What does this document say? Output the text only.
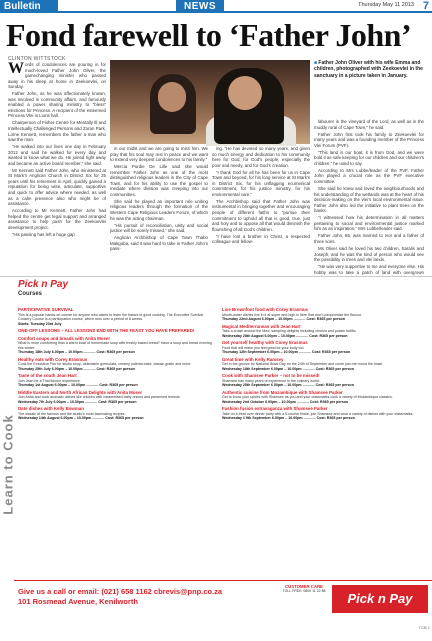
Bulletin	NEWS	Thursday May 11 2013 7
Fond farewell to ‘Father John’
CLINTON WITTSTOCK

Words of condolences are pouring in for much-loved Father John Oliver, the gamechanging minister who passed away in his sleep at home in Zeekoevlei, on Sunday.

Father John, as he was affectionately known, was involved in community affairs, and famously enabled a power sharing ministry to “bless” elections for Princess. A recipient of the esteemed Princess Vlei in Lions hall.

Chairperson of Fisher Centre for Mentally Ill and Intellectually Challenged Persons and Zoran Park, Lorne Kennett, remembers the father a man who saw the man.

“He walked into our lives one day in February 2012 and said he walked for every day and wanted to know what we do. He joined right away and became an active board member,” she said.

Mr Kennett said Father John, who ministered at St Mark’s Anglican Church in District Six for 25 years until his retirement in April, quickly gained a reputation for being wise, articulate, supportive and quick to offer advice where needed, as well as a calm presence also who might be of assistance.

According to Mr Kennett, Father John had helped the centre get legal support and arranged assistance to help push for the Zeekoevlei development project.

“His passing has left a huge gap

■ Father John Oliver with his wife Emma and children, photographed with Zeekoevlei in the sanctuary in a picture taken in January.

in our midst and we are going to miss him. We pray that his soul may rest in peace and we want to extend very deepest condolences to his family.”

Mercia Purdie De Lille said she would remember Father John as one of the most distinguished religious leaders in the City of Cape Town, and for his ability to use the gospel to mediate where division was creeping into our communities.

She said he played an important role uniting religious leaders through the formation of the Western Cape Religious Leaders Forum, of which he was the acting chairman.

“His pursuit of reconciliation, unity and social justice will be sorely missed,” she said.

Anglican Archbishop of Cape Town Thabo Makgoba, said it was hard to take in Father John’s pass-

ing. “He has devoted so many years, and given so much energy and dedication to his community here for God, for God’s people, especially the poor and needy, and for God’s creation.

“I thank God for all he has been for us in Cape Town and beyond, for his long service at St Mark’s in District Six, for his unflagging ecumenical commitment, for his justice ministry, for his environmental care.”

The Archbishop said that Father John was instrumental in bringing together and encouraging people of different faiths to “pursue their commitment to uphold all that is good, true, just and holy and to oppose all that would diminish the flourishing of all God’s children.

“I have lost a brother in Christ, a respected colleague and fellow-

labourer in the vineyard of the Lord, as well as in the muddy rural of Cape Town,” he said.

Father John first took his family to Zeekoevlei for many years and was a founding member of the Princess Vlei Forum (PVF).

“This land is our boat, it is from God, and we were bold it as safe keeping for our children and our children’s children,” he used to say.

According to Mrs Lubbe/leader of the PVF, Father John played a crucial role as the PVF executive committee.

She said he knew and loved the neighbourhoods and his understanding of the wetlands was at the heart of his decision-making on the vlei’s local environmental issue. Father John also led the initiative to plant trees on the banks.

“I witnessed how his determination in all matters pertaining to social and environmental justice marked him as an inspiration,” Mrs Lubbe/leader said.

Father John, 86, was married to Ivor and a father of three sons.

Ms Oliver said he loved his two children, Saralis and Joseph, and he was the kind of person who would see the possibility in trees and vlei lands.

“He was very supportive to me and everyone else. His hobby was to take a patch of land with overgrown

Learn to Cook
Pick n Pay
Courses
PARTICIPATIVE SURVIVAL
This is a popular hands-on course for anyone who wants to learn the basics of good cooking. The Executive Survival Cookery Course is a participation course, which runs over a period of 8 weeks.
Starts: Tuesday 23rd July
ONE-OFF LESSONS – ALL LESSONS END WITH THE FEAST YOU HAVE PREPARED!
Comfort soups and breads with Anita Moser
What is more comforting than a warm bowl of homemade soup with freshly baked bread? Have a soup and bread evening this winter.
Thursday 18th July 6.00pm – 10.00pm ............ Cost: R365 per person
Healthy eats with Corey Erasmus
Cook the Executive Fun for studio soup, delectable gremolata, creamy polenta bake, classic gratin and more.
Thursday 25th July 6.00pm – 10.00pm ............ Cost: R365 per person
Taste of the south Jean Hart
Join Jean for a Thai flavour experience.
Thursday 1st August 6.00pm – 10.00pm ............ Cost: R365 per person
Middle Eastern and North African Delights with Anita Moser
Join Anita and cook aromatic dishes like chicken with caramelised baby onions and preserved lemons.
Wednesday 7th July 6.00pm – 10.00pm ............ Cost: R365 per person
Date dishes with Kelly Bowman
The classic of the famous and the studio’s most fascinating recipes.
Wednesday 14th August 6.00pm – 10.00pm ............ Cost: R365 per person
Live Brownfont food with Corey Erasmus
Mouth-water dishes live in it at super and high in fibre that don’t compromise the flavour.
Thursday 22nd August 6.00pm – 10.00pm ............ Cost: R365 per person
Magical Mediterranean with Jean Hart
Take a cruise around the Med, sampling delights including chorizo and potato tortilla.
Wednesday 28th August 6.00pm – 10.00pm ............ Cost: R365 per person
Get yourself healthy with Corey Erasmus
Food that will make you feel good for your body too.
Thursday 12th September 6.00pm – 10.00pm ............ Cost: R365 per person
Great time with Kelly Ramsey
Get in the groove for National Braai Day on the 24th of September and come join me round the braai.
Wednesday 18th September 6.00pm – 10.00pm ............ Cost: R365 per person
Cook with Shamsee Parker – not to be missed!
Shamsee has many years of experience in the culinary world.
Wednesday 25th September 6.00pm – 10.00pm ............ Cost: R365 per person
Authentic cuisine from Mozambique with Shamsee Parker
Get to know your spices with Shamsee as you and your classmates cook a variety of Mozambique classics.
Wednesday 2nd October 6.00pm – 10.00pm ............ Cost: R365 per person
Fashion fusion extravaganza with Shamsee Parker
Take on a treat over dinner party with a 5-course finale, join Shamsee and cook a variety of dishes with your classmates.
Wednesday 1 9th September 6.00pm – 10.00pm ............ Cost: R365 per person
Give us a call or email: (021) 658 1162 cbrevis@pnp.co.za
101 Rosmead Avenue, Kenilworth
CUSTOMER CARE
TOLL FREE: 0800 11 22 88	Pick n Pay
TCB 1
